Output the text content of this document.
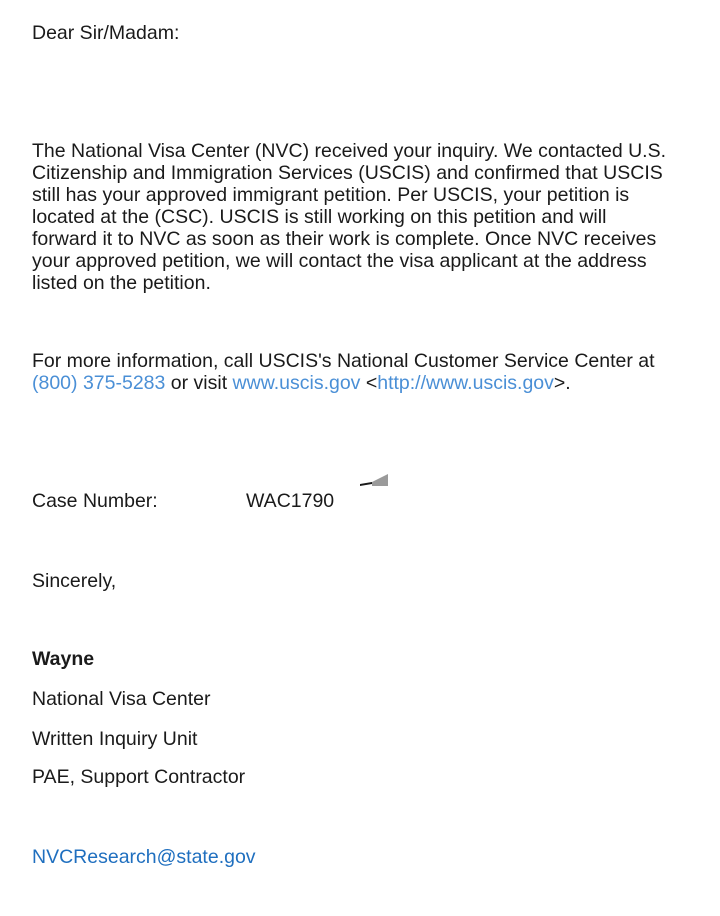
Dear Sir/Madam:
The National Visa Center (NVC) received your inquiry. We contacted U.S.
Citizenship and Immigration Services (USCIS) and confirmed that USCIS
still has your approved immigrant petition. Per USCIS, your petition is
located at the (CSC). USCIS is still working on this petition and will
forward it to NVC as soon as their work is complete. Once NVC receives
your approved petition, we will contact the visa applicant at the address
listed on the petition.
For more information, call USCIS's National Customer Service Center at
(800) 375-5283 or visit www.uscis.gov <http://www.uscis.gov>.
Case Number:	WAC1790
Sincerely,
Wayne
National Visa Center
Written Inquiry Unit
PAE, Support Contractor
NVCResearch@state.gov
